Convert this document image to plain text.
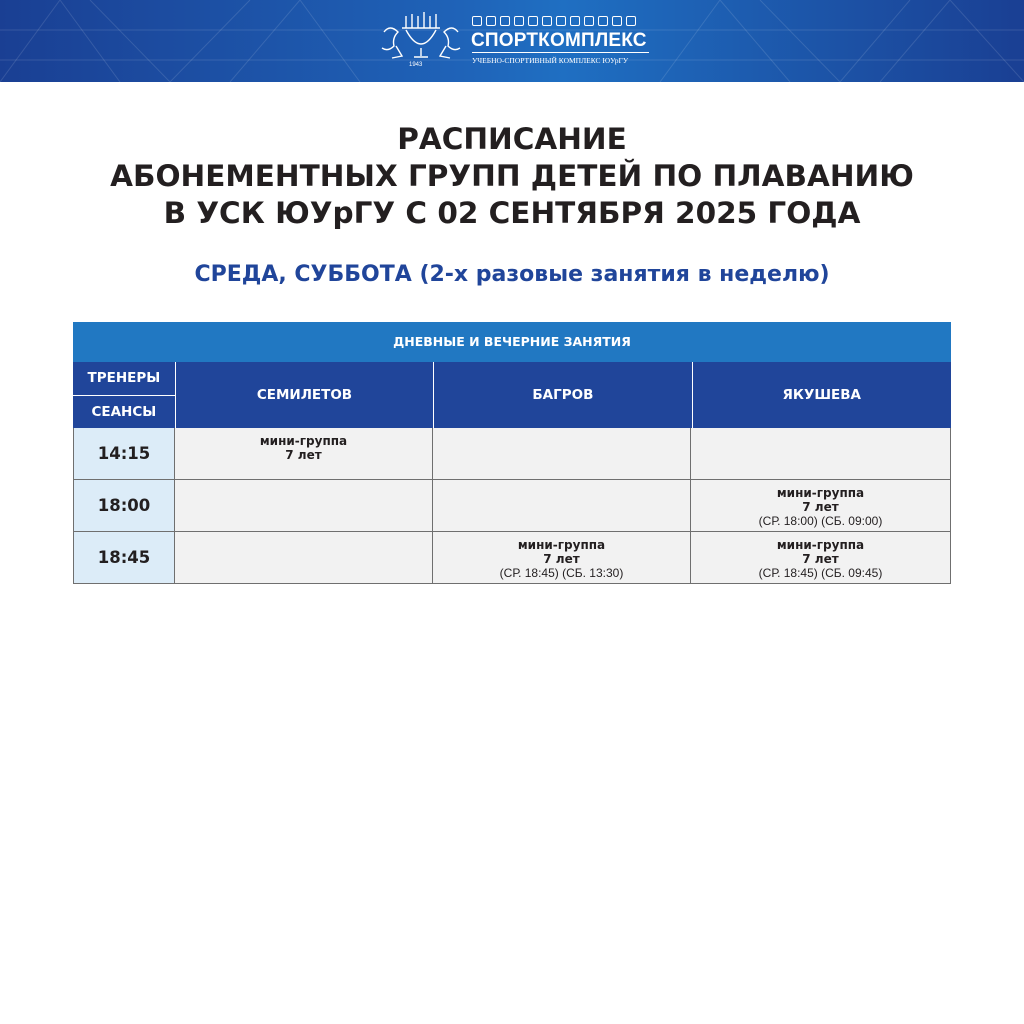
1943
СПОРТКОМПЛЕКС
УЧЕБНО-СПОРТИВНЫЙ КОМПЛЕКС ЮУрГУ
РАСПИСАНИЕ
АБОНЕМЕНТНЫХ ГРУПП ДЕТЕЙ ПО ПЛАВАНИЮ
В УСК ЮУрГУ С 02 СЕНТЯБРЯ 2025 ГОДА
СРЕДА, СУББОТА (2-х разовые занятия в неделю)
ДНЕВНЫЕ И ВЕЧЕРНИЕ ЗАНЯТИЯ
ТРЕНЕРЫ
СЕАНСЫ
СЕМИЛЕТОВ	БАГРОВ	ЯКУШЕВА
14:15
мини-группа
7 лет
18:00
мини-группа
7 лет
(СР. 18:00) (СБ. 09:00)
18:45
мини-группа
7 лет
(СР. 18:45) (СБ. 13:30)
мини-группа
7 лет
(СР. 18:45) (СБ. 09:45)
